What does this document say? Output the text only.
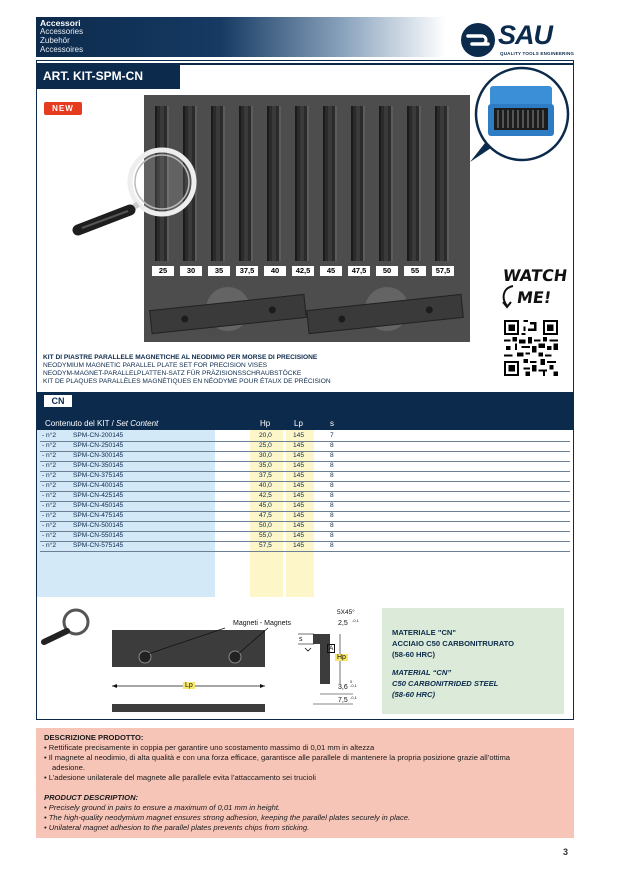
Accessori
Accessories
Zubehör
Accessoires	SAU
QUALITY TOOLS ENGINEERING
ART. KIT-SPM-CN
NEW
25	30	35	37,5	40	42,5	45	47,5	50	55	57,5	WATCH
ME!
KIT DI PIASTRE PARALLELE MAGNETICHE AL NEODIMIO PER MORSE DI PRECISIONE
NEODYMIUM MAGNETIC PARALLEL PLATE SET FOR PRECISION VISES
NEODYM-MAGNET-PARALLELPLATTEN-SATZ FÜR PRÄZISIONSSCHRAUBSTÖCKE
KIT DE PLAQUES PARALLÈLES MAGNÉTIQUES EN NÉODYME POUR ÉTAUX DE PRÉCISION
CN
Contenuto del KIT / Set Content	Hp	Lp	s
- n°2	SPM-CN-200145	20,0	145	7
- n°2	SPM-CN-250145	25,0	145	8
- n°2	SPM-CN-300145	30,0	145	8
- n°2	SPM-CN-350145	35,0	145	8
- n°2	SPM-CN-375145	37,5	145	8
- n°2	SPM-CN-400145	40,0	145	8
- n°2	SPM-CN-425145	42,5	145	8
- n°2	SPM-CN-450145	45,0	145	8
- n°2	SPM-CN-475145	47,5	145	8
- n°2	SPM-CN-500145	50,0	145	8
- n°2	SPM-CN-550145	55,0	145	8
- n°2	SPM-CN-575145	57,5	145	8
Magneti - Magnets
Lp
Hp
5X45°
2,5 -0,1
s
A
3,6
0
-0,1
7,5 -0,1
MATERIALE "CN"
ACCIAIO C50 CARBONITRURATO
(58-60 HRC)
MATERIAL “CN”
C50 CARBONITRIDED STEEL
(58-60 HRC)
DESCRIZIONE PRODOTTO:
• Rettificate precisamente in coppia per garantire uno scostamento massimo di 0,01 mm in altezza
• Il magnete al neodimio, di alta qualità e con una forza efficace, garantisce alle parallele di mantenere la propria posizione grazie all’ottima
adesione.
• L’adesione unilaterale del magnete alle parallele evita l’attaccamento sei trucioli
PRODUCT DESCRIPTION:
• Precisely ground in pairs to ensure a maximum of 0,01 mm in height.
• The high-quality neodymium magnet ensures strong adhesion, keeping the parallel plates securely in place.
• Unilateral magnet adhesion to the parallel plates prevents chips from sticking.
3
